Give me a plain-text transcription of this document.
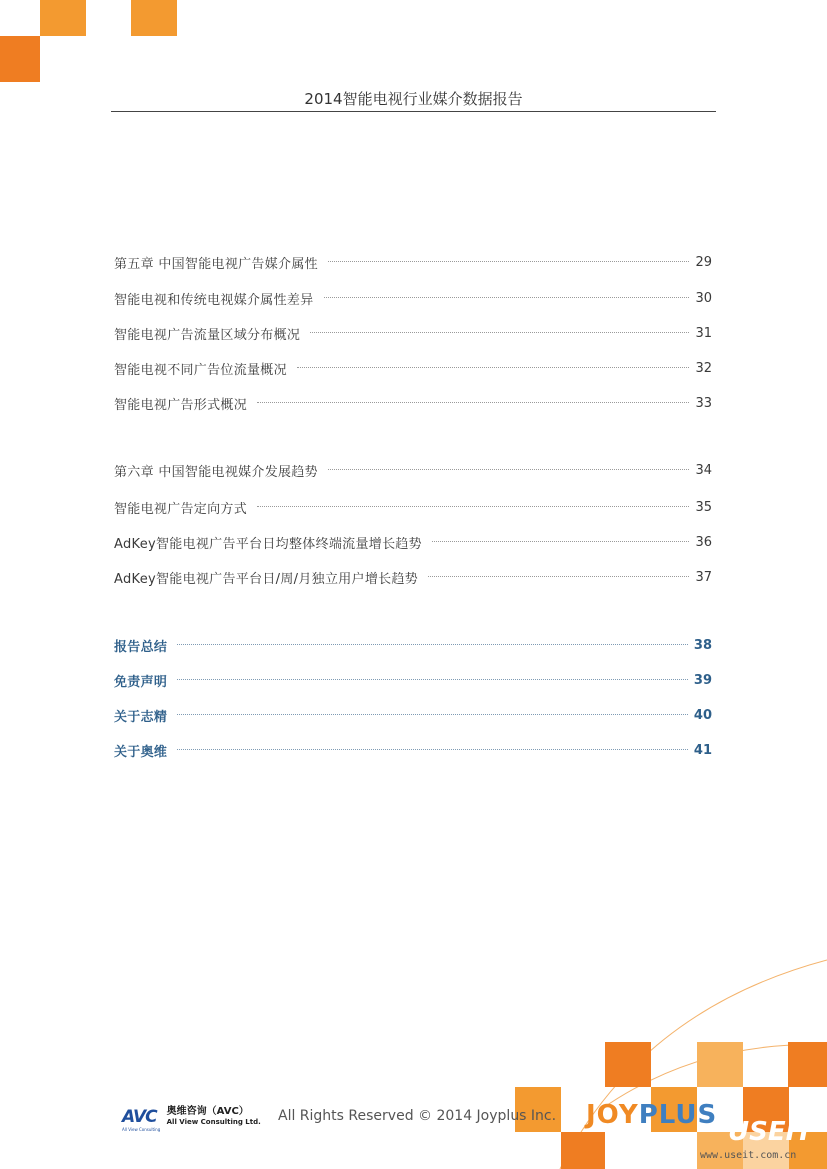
2014智能电视行业媒介数据报告
第五章 中国智能电视广告媒介属性	29
智能电视和传统电视媒介属性差异	30
智能电视广告流量区域分布概况	31
智能电视不同广告位流量概况	32
智能电视广告形式概况	33
第六章 中国智能电视媒介发展趋势	34
智能电视广告定向方式	35
AdKey智能电视广告平台日均整体终端流量增长趋势	36
AdKey智能电视广告平台日/周/月独立用户增长趋势	37
报告总结	38
免责声明	39
关于志精	40
关于奥维	41
AVC
All View Consulting
奥维咨询（AVC）
All View Consulting Ltd. All Rights Reserved © 2014 Joyplus Inc. JOYPLUS
USEIT
www.useit.com.cn
